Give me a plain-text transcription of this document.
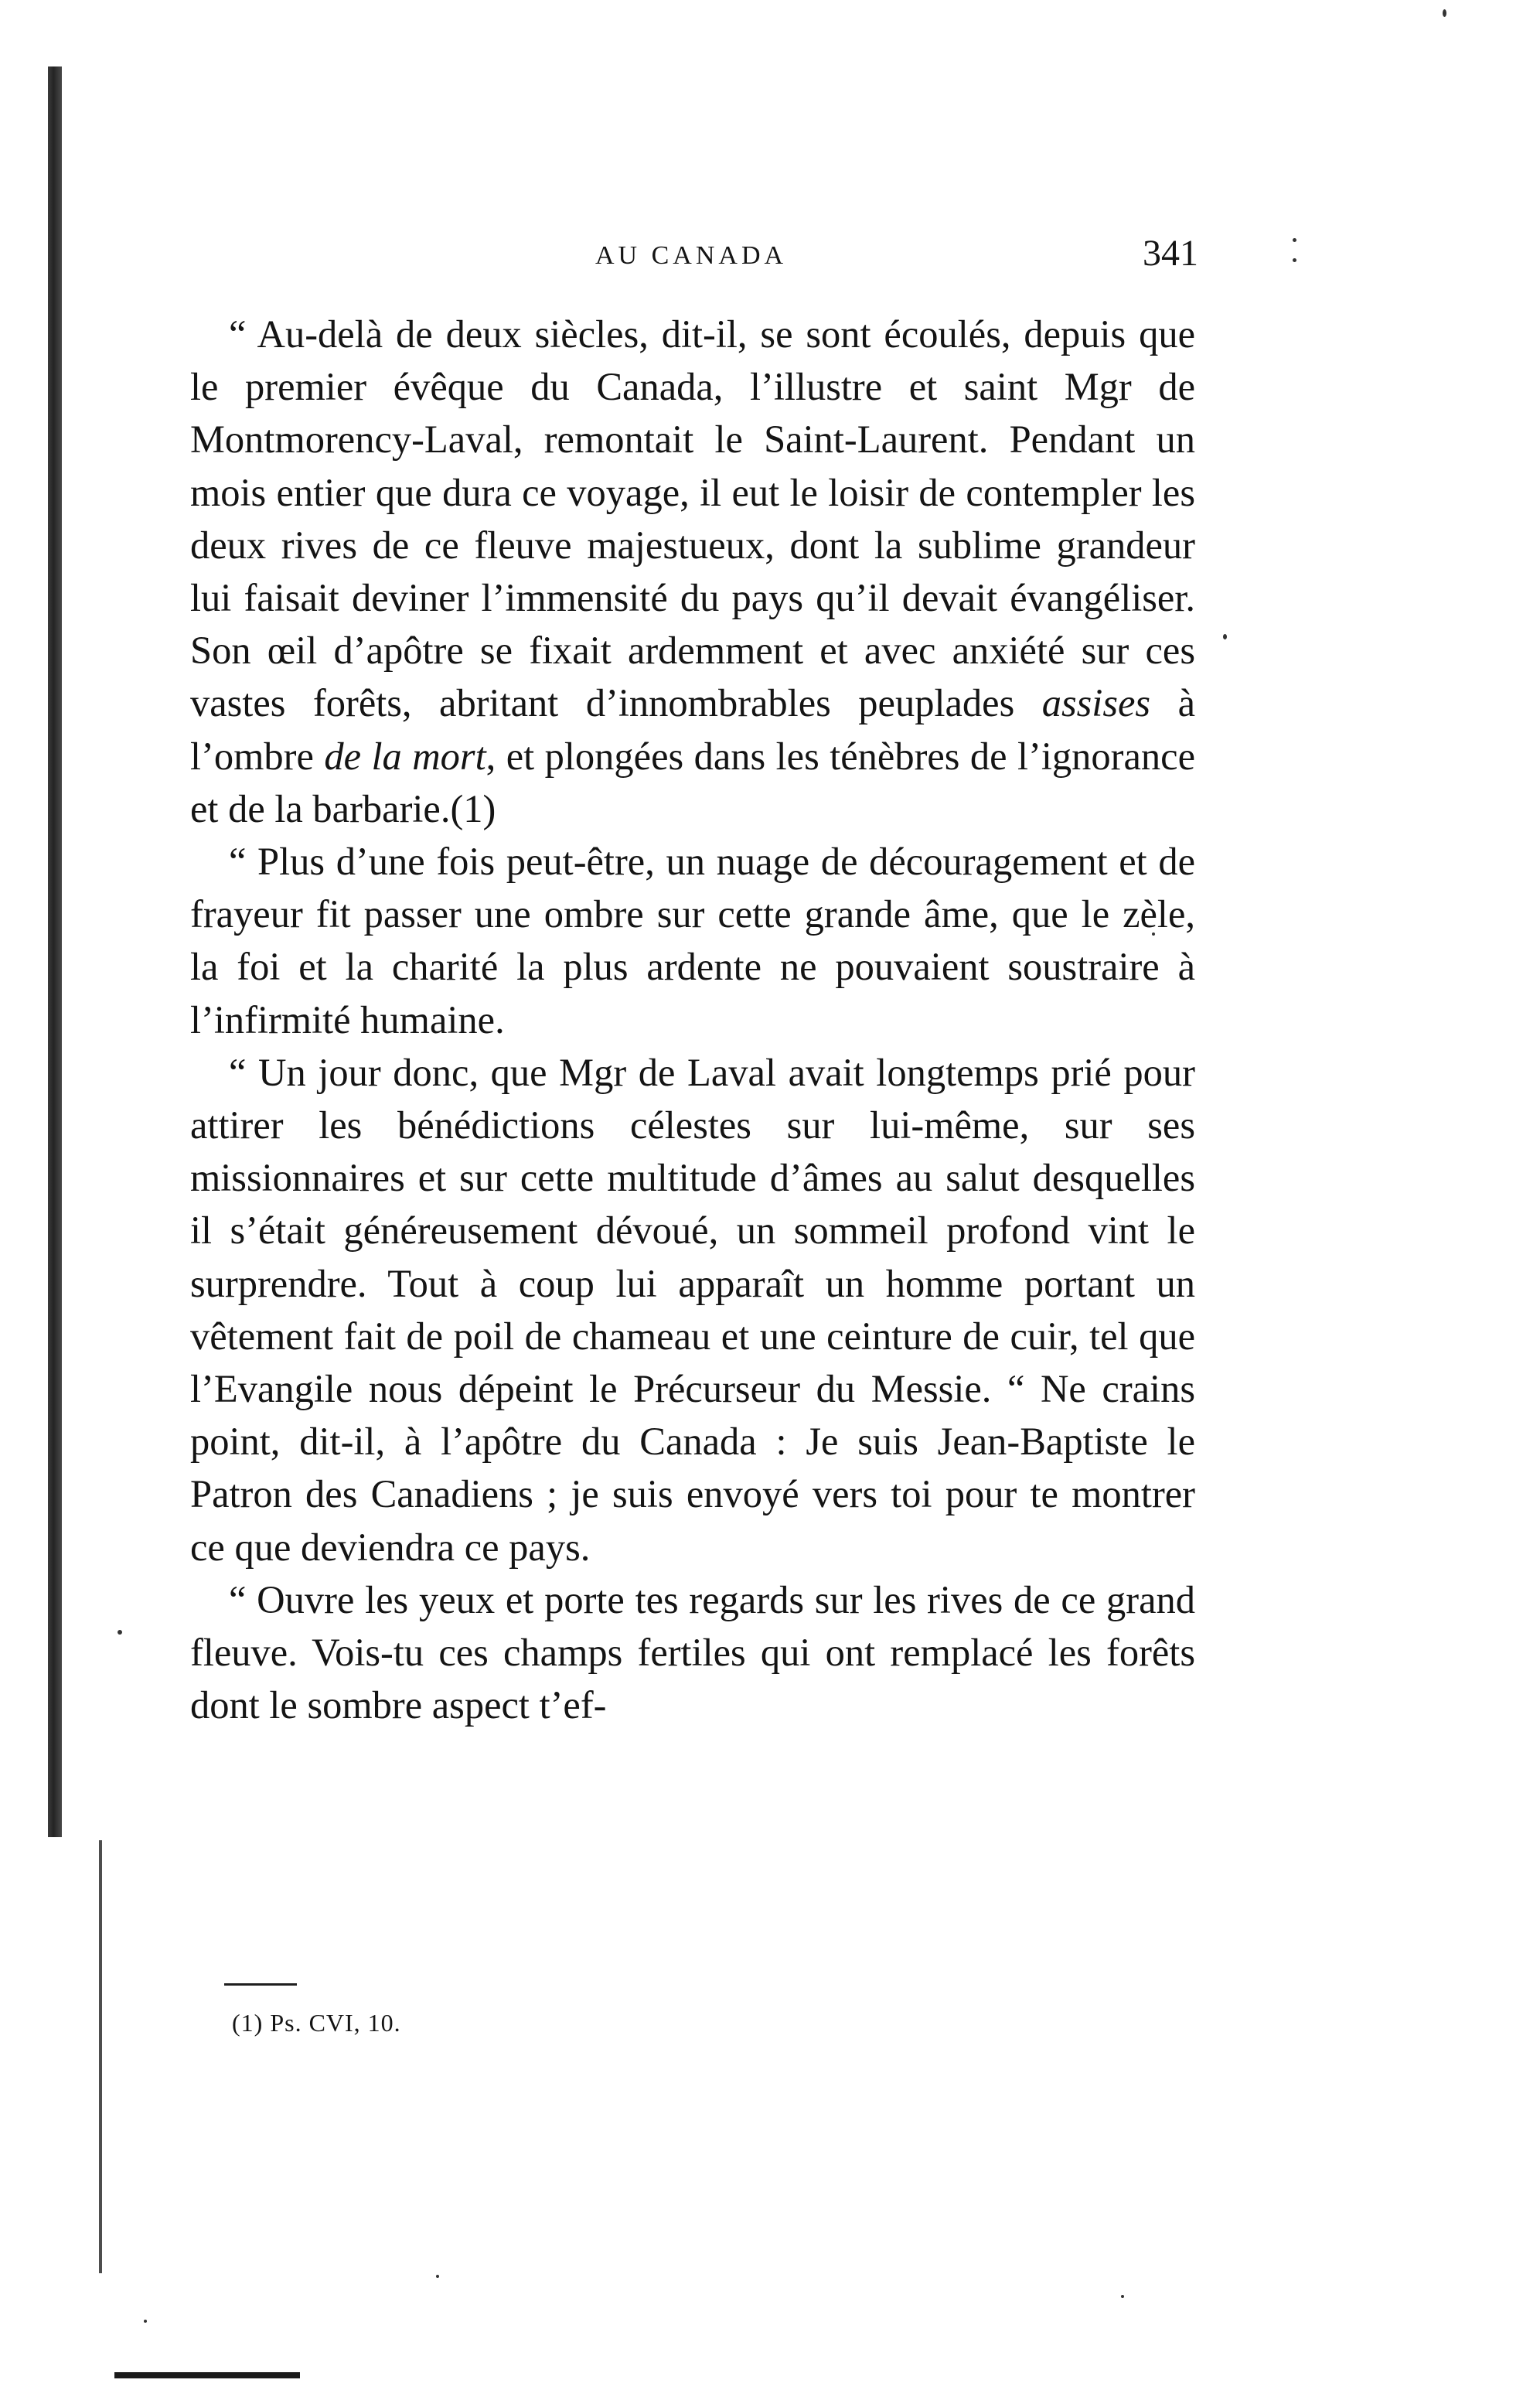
AU CANADA	341

“ Au-delà de deux siècles, dit-il, se sont écoulés, depuis que le premier évêque du Canada, l’illustre et saint Mgr de Montmorency-Laval, remontait le Saint-Laurent. Pendant un mois entier que dura ce voyage, il eut le loisir de contempler les deux rives de ce fleuve majestueux, dont la sublime grandeur lui faisait deviner l’immensité du pays qu’il devait évangéliser. Son œil d’apôtre se fixait ardemment et avec anxiété sur ces vastes forêts, abritant d’innombrables peuplades assises à l’ombre de la mort, et plongées dans les ténèbres de l’ignorance et de la barbarie.(1)

“ Plus d’une fois peut-être, un nuage de découragement et de frayeur fit passer une ombre sur cette grande âme, que le zèle, la foi et la charité la plus ardente ne pouvaient soustraire à l’infirmité humaine.

“ Un jour donc, que Mgr de Laval avait longtemps prié pour attirer les bénédictions célestes sur lui-même, sur ses missionnaires et sur cette multitude d’âmes au salut desquelles il s’était généreusement dévoué, un sommeil profond vint le surprendre. Tout à coup lui apparaît un homme portant un vêtement fait de poil de chameau et une ceinture de cuir, tel que l’Evangile nous dépeint le Précurseur du Messie. “ Ne crains point, dit-il, à l’apôtre du Canada : Je suis Jean-Baptiste le Patron des Canadiens ; je suis envoyé vers toi pour te montrer ce que deviendra ce pays.

“ Ouvre les yeux et porte tes regards sur les rives de ce grand fleuve. Vois-tu ces champs fertiles qui ont remplacé les forêts dont le sombre aspect t’ef-

(1) Ps. CVI, 10.
